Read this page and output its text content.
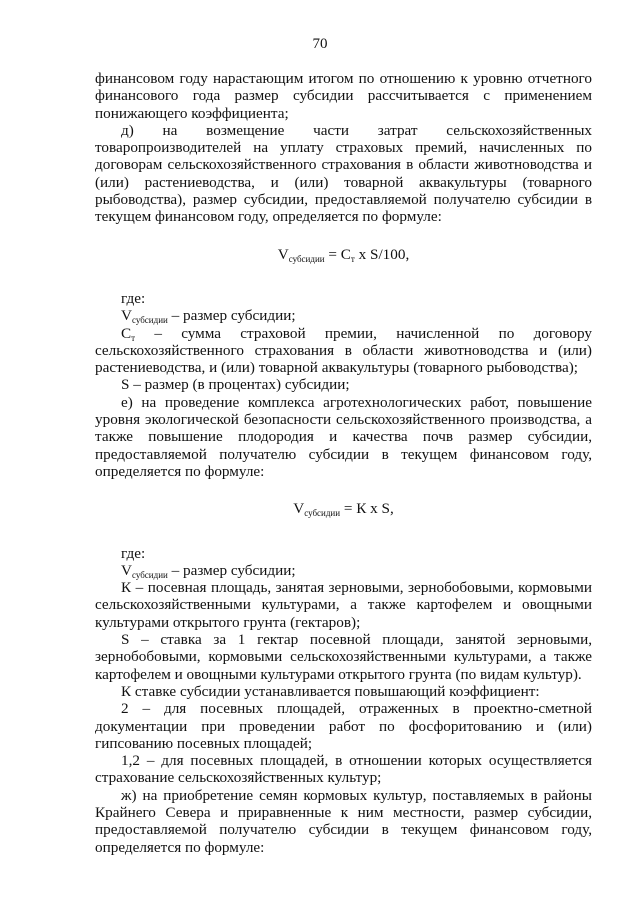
70

финансовом году нарастающим итогом по отношению к уровню отчетного финансового года размер субсидии рассчитывается с применением понижающего коэффициента;

д) на возмещение части затрат сельскохозяйственных товаропроизводителей на уплату страховых премий, начисленных по договорам сельскохозяйственного страхования в области животноводства и (или) растениеводства, и (или) товарной аквакультуры (товарного рыбоводства), размер субсидии, предоставляемой получателю субсидии в текущем финансовом году, определяется по формуле:

$V_{субсидии} = С_т$ x S/100,

где:

$V_{субсидии}$ – размер субсидии;

$С_т$ – сумма страховой премии, начисленной по договору сельскохозяйственного страхования в области животноводства и (или) растениеводства, и (или) товарной аквакультуры (товарного рыбоводства);

S – размер (в процентах) субсидии;

е) на проведение комплекса агротехнологических работ, повышение уровня экологической безопасности сельскохозяйственного производства, а также повышение плодородия и качества почв размер субсидии, предоставляемой получателю субсидии в текущем финансовом году, определяется по формуле:

$V_{субсидии} = К$ x S,

где:

$V_{субсидии}$ – размер субсидии;

К – посевная площадь, занятая зерновыми, зернобобовыми, кормовыми сельскохозяйственными культурами, а также картофелем и овощными культурами открытого грунта (гектаров);

S – ставка за 1 гектар посевной площади, занятой зерновыми, зернобобовыми, кормовыми сельскохозяйственными культурами, а также картофелем и овощными культурами открытого грунта (по видам культур).

К ставке субсидии устанавливается повышающий коэффициент:

2 – для посевных площадей, отраженных в проектно-сметной документации при проведении работ по фосфоритованию и (или) гипсованию посевных площадей;

1,2 – для посевных площадей, в отношении которых осуществляется страхование сельскохозяйственных культур;

ж) на приобретение семян кормовых культур, поставляемых в районы Крайнего Севера и приравненные к ним местности, размер субсидии, предоставляемой получателю субсидии в текущем финансовом году, определяется по формуле:
